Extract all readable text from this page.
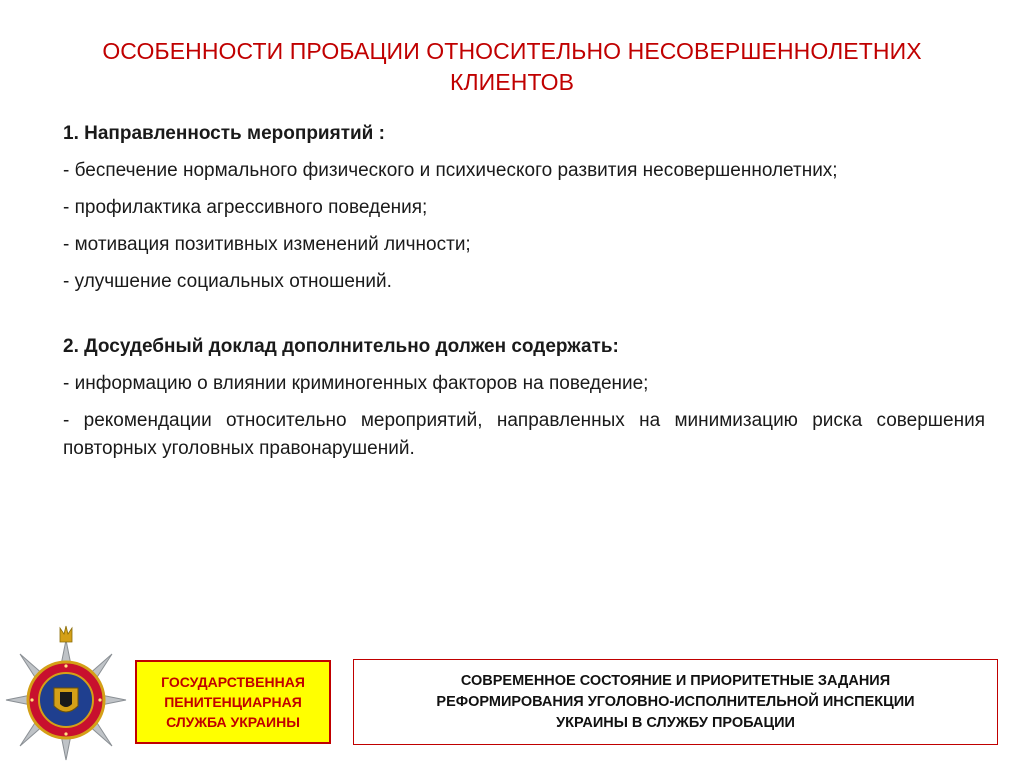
ОСОБЕННОСТИ ПРОБАЦИИ ОТНОСИТЕЛЬНО НЕСОВЕРШЕННОЛЕТНИХ КЛИЕНТОВ

1. Направленность мероприятий :

- беспечение нормального физического и психического развития несовершеннолетних;

- профилактика агрессивного поведения;

- мотивация позитивных изменений личности;

- улучшение социальных отношений.

2. Досудебный доклад дополнительно должен содержать:

- информацию о влиянии криминогенных факторов на поведение;

- рекомендации относительно мероприятий, направленных на минимизацию риска совершения повторных уголовных правонарушений.

ГОСУДАРСТВЕННАЯ
ПЕНИТЕНЦИАРНАЯ
СЛУЖБА УКРАИНЫ
СОВРЕМЕННОЕ СОСТОЯНИЕ И ПРИОРИТЕТНЫЕ ЗАДАНИЯ
РЕФОРМИРОВАНИЯ УГОЛОВНО-ИСПОЛНИТЕЛЬНОЙ ИНСПЕКЦИИ
УКРАИНЫ В СЛУЖБУ ПРОБАЦИИ
